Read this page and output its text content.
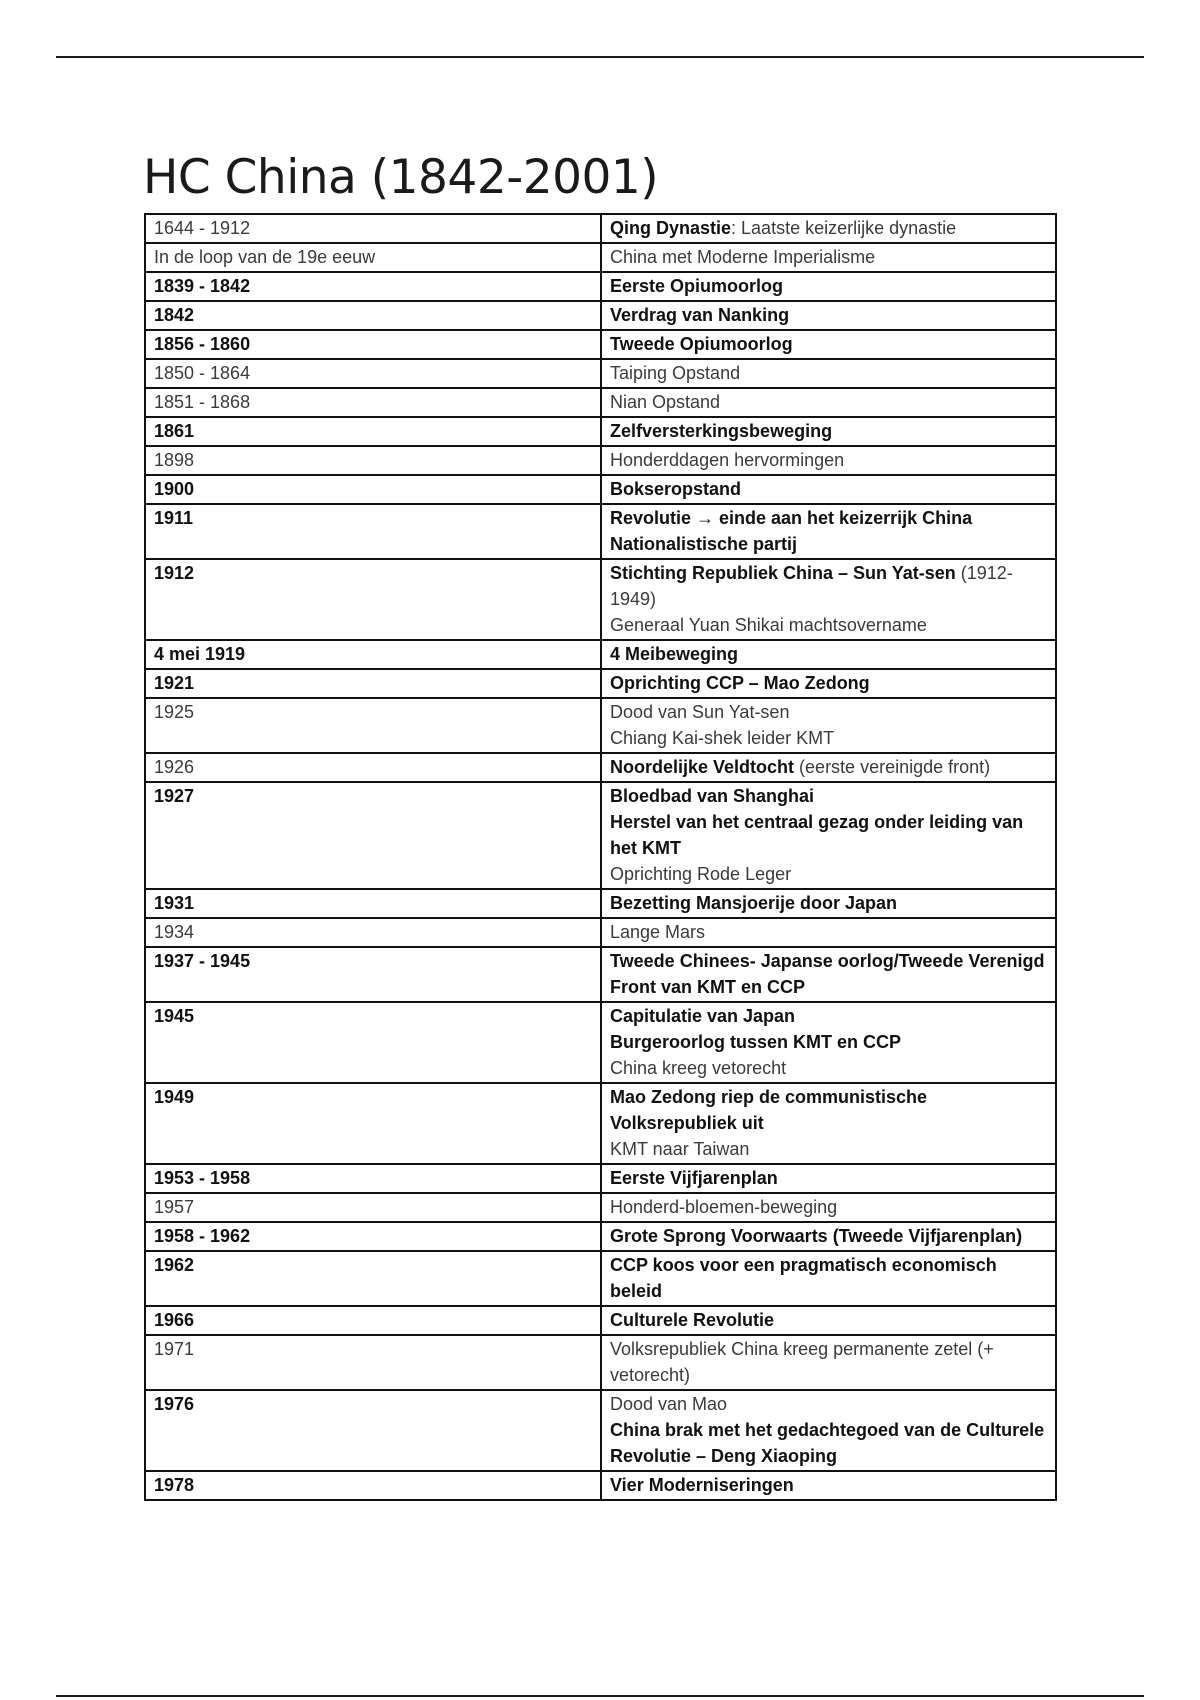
HC China (1842-2001)
1644 - 1912	Qing Dynastie: Laatste keizerlijke dynastie

In de loop van de 19e eeuw	China met Moderne Imperialisme

1839 - 1842	Eerste Opiumoorlog

1842	Verdrag van Nanking

1856 - 1860	Tweede Opiumoorlog

1850 - 1864	Taiping Opstand

1851 - 1868	Nian Opstand

1861	Zelfversterkingsbeweging

1898	Honderddagen hervormingen

1900	Bokseropstand

1911	Revolutie → einde aan het keizerrijk China
Nationalistische partij

1912	Stichting Republiek China – Sun Yat-sen (1912-1949)
Generaal Yuan Shikai machtsovername

4 mei 1919	4 Meibeweging

1921	Oprichting CCP – Mao Zedong

1925	Dood van Sun Yat-sen
Chiang Kai-shek leider KMT

1926	Noordelijke Veldtocht (eerste vereinigde front)

1927	Bloedbad van Shanghai
Herstel van het centraal gezag onder leiding van het KMT
Oprichting Rode Leger

1931	Bezetting Mansjoerije door Japan

1934	Lange Mars

1937 - 1945	Tweede Chinees- Japanse oorlog/Tweede Verenigd Front van KMT en CCP

1945	Capitulatie van Japan
Burgeroorlog tussen KMT en CCP
China kreeg vetorecht

1949	Mao Zedong riep de communistische Volksrepubliek uit
KMT naar Taiwan

1953 - 1958	Eerste Vijfjarenplan

1957	Honderd-bloemen-beweging

1958 - 1962	Grote Sprong Voorwaarts (Tweede Vijfjarenplan)

1962	CCP koos voor een pragmatisch economisch beleid

1966	Culturele Revolutie

1971	Volksrepubliek China kreeg permanente zetel (+ vetorecht)

1976	Dood van Mao
China brak met het gedachtegoed van de Culturele Revolutie – Deng Xiaoping

1978	Vier Moderniseringen
